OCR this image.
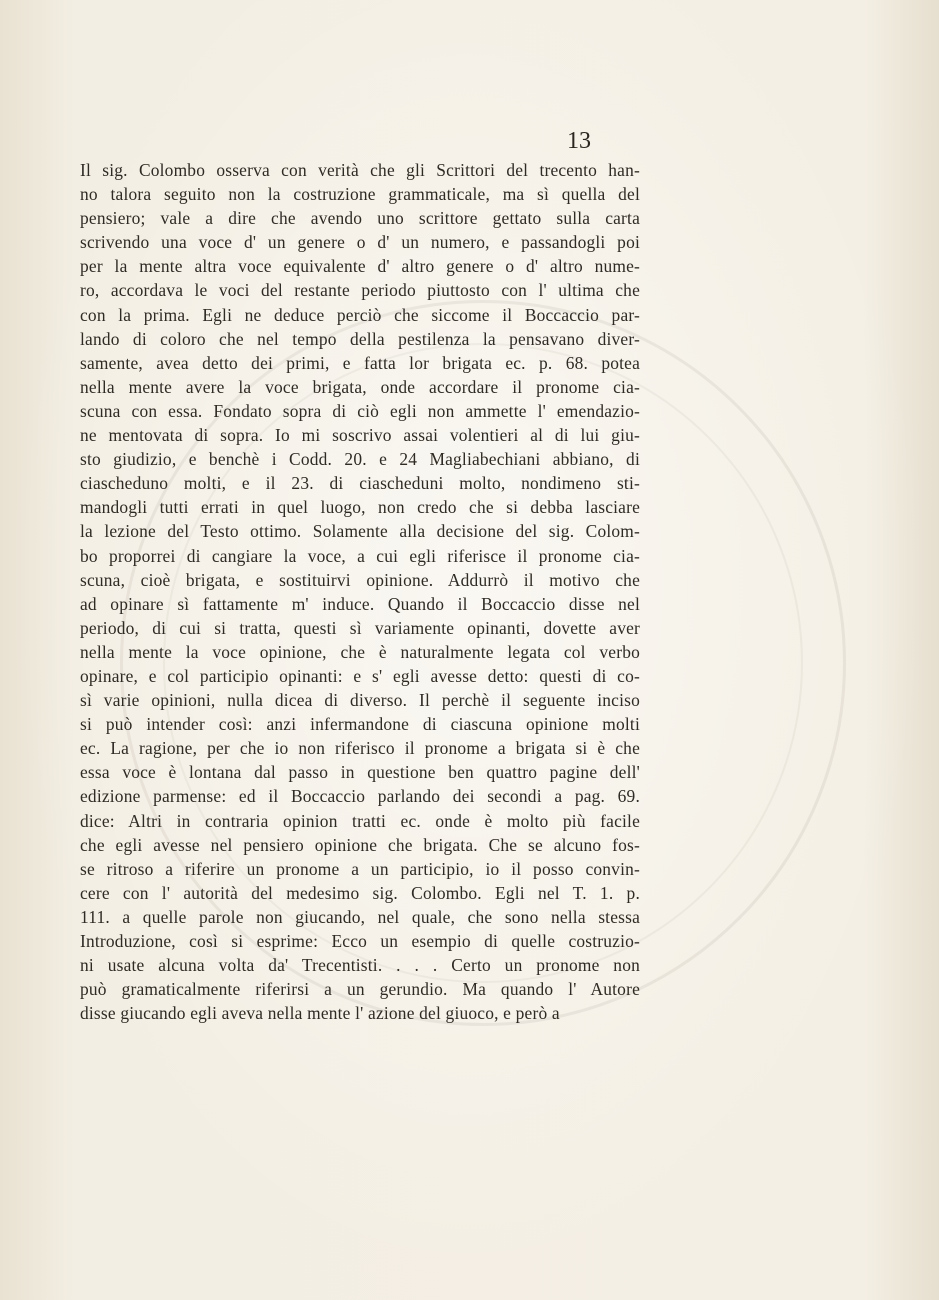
13
Il sig. Colombo osserva con verità che gli Scrittori del trecento han-
no talora seguito non la costruzione grammaticale, ma sì quella del
pensiero; vale a dire che avendo uno scrittore gettato sulla carta
scrivendo una voce d' un genere o d' un numero, e passandogli poi
per la mente altra voce equivalente d' altro genere o d' altro nume-
ro, accordava le voci del restante periodo piuttosto con l' ultima che
con la prima. Egli ne deduce perciò che siccome il Boccaccio par-
lando di coloro che nel tempo della pestilenza la pensavano diver-
samente, avea detto dei primi, e fatta lor brigata ec. p. 68. potea
nella mente avere la voce brigata, onde accordare il pronome cia-
scuna con essa. Fondato sopra di ciò egli non ammette l' emendazio-
ne mentovata di sopra. Io mi soscrivo assai volentieri al di lui giu-
sto giudizio, e benchè i Codd. 20. e 24 Magliabechiani abbiano, di
ciascheduno molti, e il 23. di ciascheduni molto, nondimeno sti-
mandogli tutti errati in quel luogo, non credo che si debba lasciare
la lezione del Testo ottimo. Solamente alla decisione del sig. Colom-
bo proporrei di cangiare la voce, a cui egli riferisce il pronome cia-
scuna, cioè brigata, e sostituirvi opinione. Addurrò il motivo che
ad opinare sì fattamente m' induce. Quando il Boccaccio disse nel
periodo, di cui si tratta, questi sì variamente opinanti, dovette aver
nella mente la voce opinione, che è naturalmente legata col verbo
opinare, e col participio opinanti: e s' egli avesse detto: questi di co-
sì varie opinioni, nulla dicea di diverso. Il perchè il seguente inciso
si può intender così: anzi infermandone di ciascuna opinione molti
ec. La ragione, per che io non riferisco il pronome a brigata si è che
essa voce è lontana dal passo in questione ben quattro pagine dell'
edizione parmense: ed il Boccaccio parlando dei secondi a pag. 69.
dice: Altri in contraria opinion tratti ec. onde è molto più facile
che egli avesse nel pensiero opinione che brigata. Che se alcuno fos-
se ritroso a riferire un pronome a un participio, io il posso convin-
cere con l' autorità del medesimo sig. Colombo. Egli nel T. 1. p.
111. a quelle parole non giucando, nel quale, che sono nella stessa
Introduzione, così si esprime: Ecco un esempio di quelle costruzio-
ni usate alcuna volta da' Trecentisti. . . . Certo un pronome non
può gramaticalmente riferirsi a un gerundio. Ma quando l' Autore
disse giucando egli aveva nella mente l' azione del giuoco, e però a
